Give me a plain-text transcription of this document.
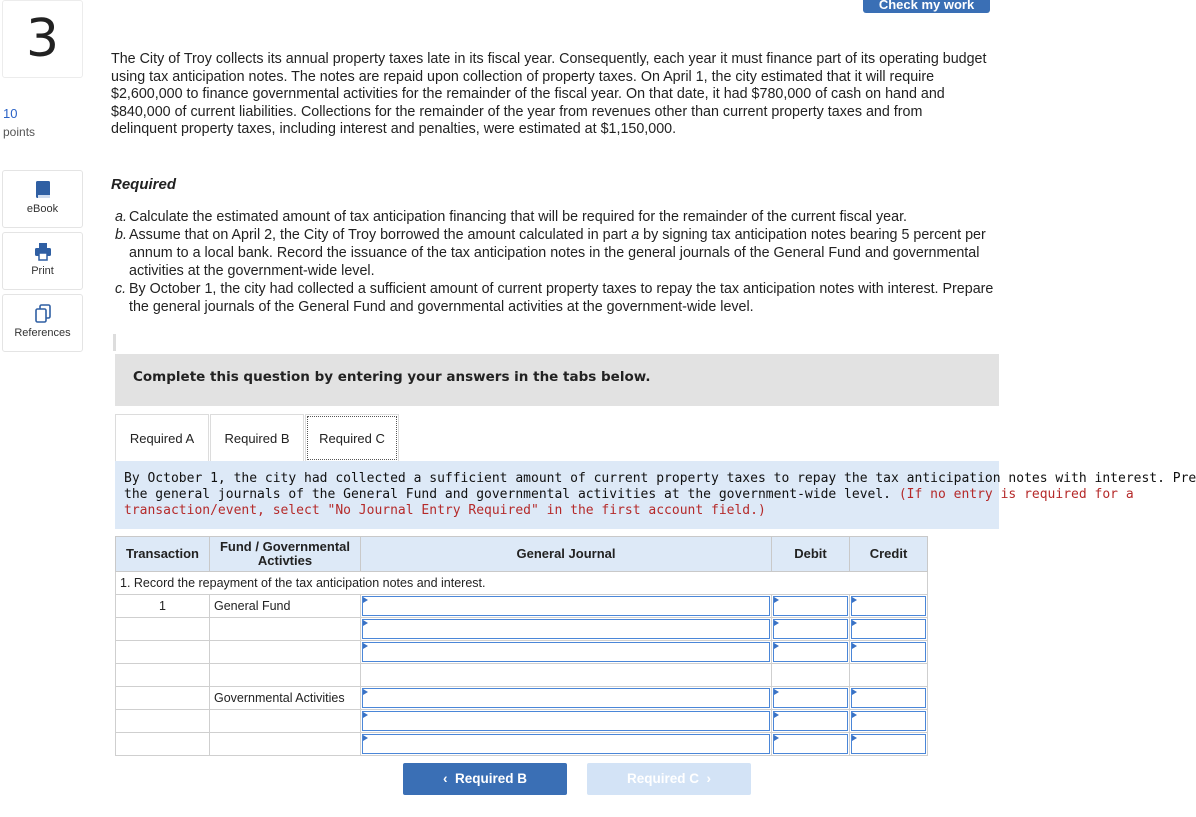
Check my work
3
10
points
eBook
Print
References
The City of Troy collects its annual property taxes late in its fiscal year. Consequently, each year it must finance part of its operating budget using tax anticipation notes. The notes are repaid upon collection of property taxes. On April 1, the city estimated that it will require $2,600,000 to finance governmental activities for the remainder of the fiscal year. On that date, it had $780,000 of cash on hand and $840,000 of current liabilities. Collections for the remainder of the year from revenues other than current property taxes and from delinquent property taxes, including interest and penalties, were estimated at $1,150,000.
Required
a. Calculate the estimated amount of tax anticipation financing that will be required for the remainder of the current fiscal year.
b. Assume that on April 2, the City of Troy borrowed the amount calculated in part a by signing tax anticipation notes bearing 5 percent per annum to a local bank. Record the issuance of the tax anticipation notes in the general journals of the General Fund and governmental activities at the government-wide level.
c. By October 1, the city had collected a sufficient amount of current property taxes to repay the tax anticipation notes with interest. Prepare the general journals of the General Fund and governmental activities at the government-wide level.
Complete this question by entering your answers in the tabs below.
Required A	Required B	Required C
By October 1, the city had collected a sufficient amount of current property taxes to repay the tax anticipation notes with interest. Pre
the general journals of the General Fund and governmental activities at the government-wide level. (If no entry is required for a
transaction/event, select "No Journal Entry Required" in the first account field.)
Transaction	Fund / Governmental Activties	General Journal	Debit	Credit
1. Record the repayment of the tax anticipation notes and interest.				
1	General Fund	

	Governmental Activities	

‹ Required B	Required C ›
